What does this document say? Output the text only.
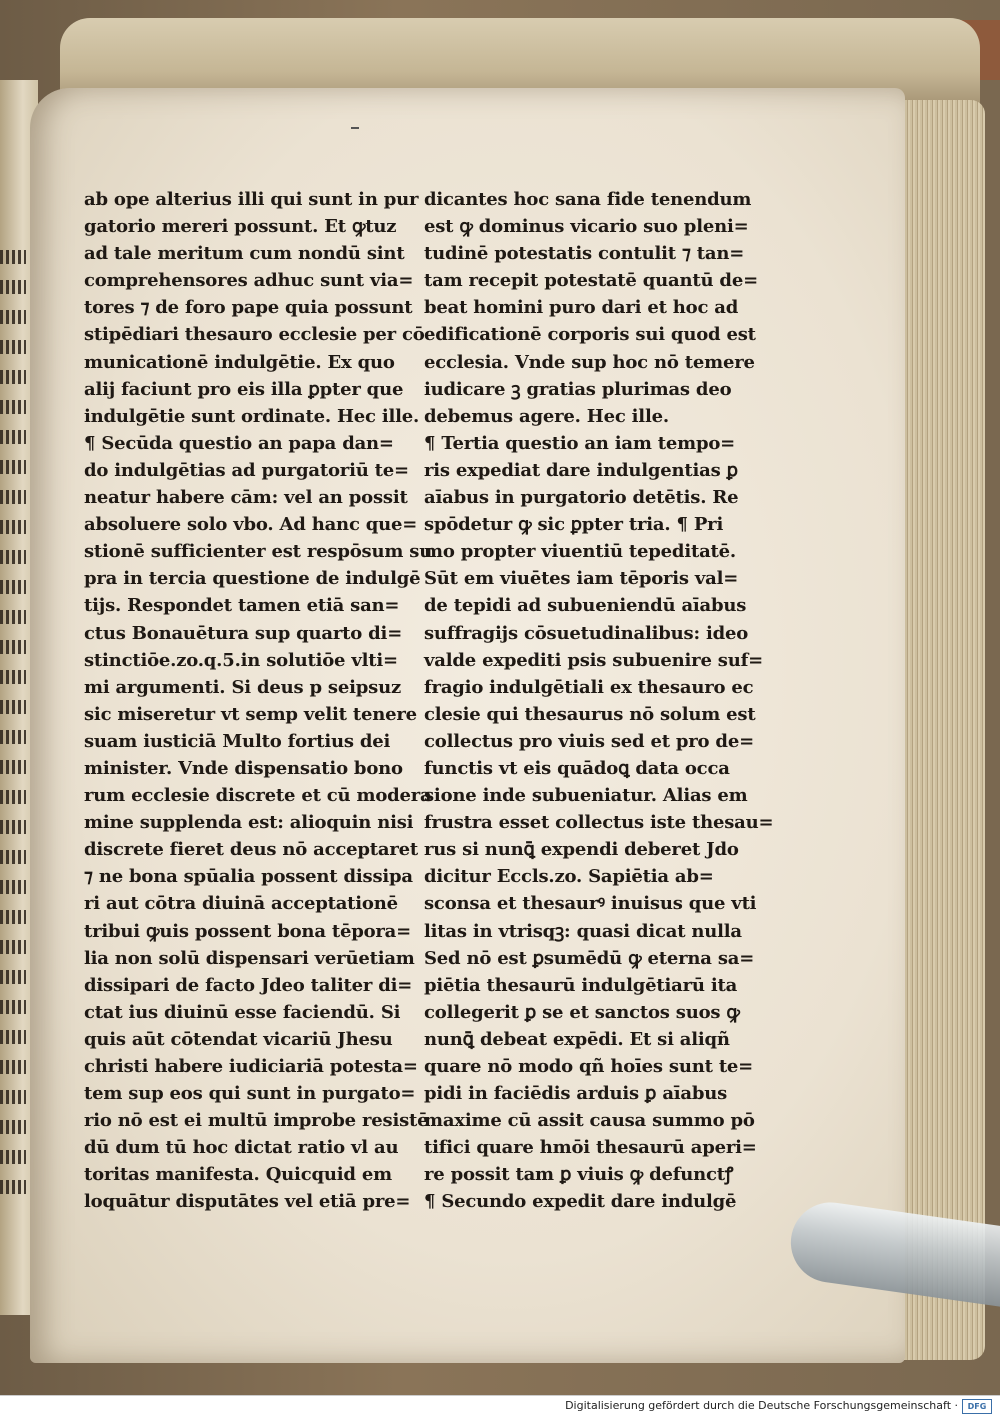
ab ope alterius illi qui sunt in pur
gatorio mereri possunt. Et ꝙtuz
ad tale meritum cum nondū sint
comprehensores adhuc sunt via=
tores ⁊ de foro pape quia possunt
stipēdiari thesauro ecclesie per cō
municationē indulgētie. Ex quo
alij faciunt pro eis illa ꝑpter que
indulgētie sunt ordinate. Hec ille.
¶ Secūda questio an papa dan=
do indulgētias ad purgatoriū te=
neatur habere cām: vel an possit
absoluere solo vbo. Ad hanc que=
stionē sufficienter est respōsum su
pra in tercia questione de indulgē
tijs. Respondet tamen etiā san=
ctus Bonauētura sup quarto di=
stinctiōe.zo.q.5.in solutiōe vlti=
mi argumenti. Si deus p seipsuz
sic miseretur vt semp velit tenere
suam iusticiā Multo fortius dei
minister. Vnde dispensatio bono
rum ecclesie discrete et cū modera
mine supplenda est: alioquin nisi
discrete fieret deus nō acceptaret
⁊ ne bona spūalia possent dissipa
ri aut cōtra diuinā acceptationē
tribui ꝙuis possent bona tēpora=
lia non solū dispensari verūetiam
dissipari de facto Jdeo taliter di=
ctat ius diuinū esse faciendū. Si
quis aūt cōtendat vicariū Jhesu
christi habere iudiciariā potesta=
tem sup eos qui sunt in purgato=
rio nō est ei multū improbe resistē
dū dum tū hoc dictat ratio vl au
toritas manifesta. Quicquid em
loquātur disputātes vel etiā pre=
dicantes hoc sana fide tenendum
est ꝙ dominus vicario suo pleni=
tudinē potestatis contulit ⁊ tan=
tam recepit potestatē quantū de=
beat homini puro dari et hoc ad
edificationē corporis sui quod est
ecclesia. Vnde sup hoc nō temere
iudicare ꝫ gratias plurimas deo
debemus agere. Hec ille.
¶ Tertia questio an iam tempo=
ris expediat dare indulgentias ꝑ
aīabus in purgatorio detētis. Re
spōdetur ꝙ sic ꝑpter tria. ¶ Pri
mo propter viuentiū tepeditatē.
Sūt em viuētes iam tēporis val=
de tepidi ad subueniendū aīabus
suffragijs cōsuetudinalibus: ideo
valde expediti psis subuenire suf=
fragio indulgētiali ex thesauro ec
clesie qui thesaurus nō solum est
collectus pro viuis sed et pro de=
functis vt eis quādoꝗ data occa
sione inde subueniatur. Alias em
frustra esset collectus iste thesau=
rus si nunꝗ̄ expendi deberet Jdo
dicitur Eccls.zo. Sapiētia ab=
sconsa et thesaurꝰ inuisus que vti
litas in vtrisqꝫ: quasi dicat nulla
Sed nō est ꝑsumēdū ꝙ eterna sa=
piētia thesaurū indulgētiarū ita
collegerit ꝑ se et sanctos suos ꝙ
nunꝗ̄ debeat expēdi. Et si aliqñ
quare nō modo qñ hoīes sunt te=
pidi in faciēdis arduis ꝑ aīabus
maxime cū assit causa summo pō
tifici quare hmōi thesaurū aperi=
re possit tam ꝑ viuis ꝙ defunctꝭ
¶ Secundo expedit dare indulgē
Digitalisierung gefördert durch die Deutsche Forschungsgemeinschaft ·	DFG
